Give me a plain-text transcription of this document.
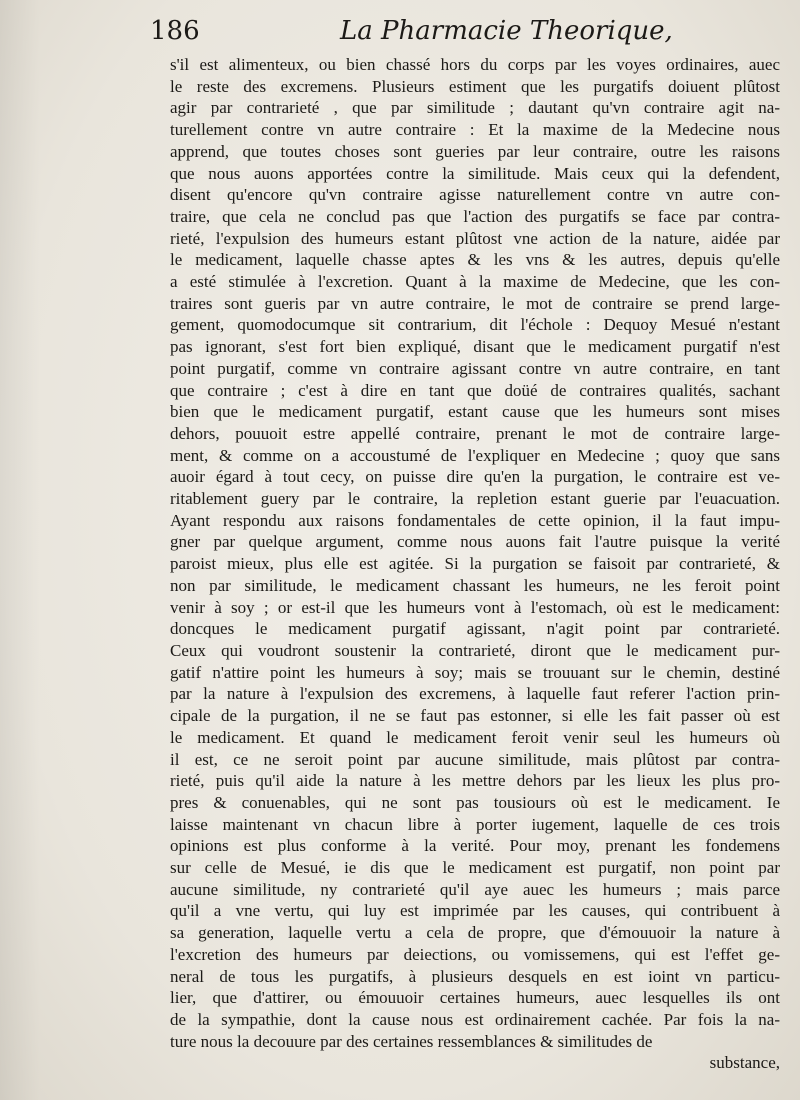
186	La Pharmacie Theorique,
s'il est alimenteux, ou bien chassé hors du corps par les voyes ordinaires, auec
le reste des excremens. Plusieurs estiment que les purgatifs doiuent plûtost
agir par contrarieté , que par similitude ; dautant qu'vn contraire agit na-
turellement contre vn autre contraire : Et la maxime de la Medecine nous
apprend, que toutes choses sont gueries par leur contraire, outre les raisons
que nous auons apportées contre la similitude. Mais ceux qui la defendent,
disent qu'encore qu'vn contraire agisse naturellement contre vn autre con-
traire, que cela ne conclud pas que l'action des purgatifs se face par contra-
rieté, l'expulsion des humeurs estant plûtost vne action de la nature, aidée par
le medicament, laquelle chasse aptes & les vns & les autres, depuis qu'elle
a esté stimulée à l'excretion. Quant à la maxime de Medecine, que les con-
traires sont gueris par vn autre contraire, le mot de contraire se prend large-
gement, quomodocumque sit contrarium, dit l'échole : Dequoy Mesué n'estant
pas ignorant, s'est fort bien expliqué, disant que le medicament purgatif n'est
point purgatif, comme vn contraire agissant contre vn autre contraire, en tant
que contraire ; c'est à dire en tant que doüé de contraires qualités, sachant
bien que le medicament purgatif, estant cause que les humeurs sont mises
dehors, pouuoit estre appellé contraire, prenant le mot de contraire large-
ment, & comme on a accoustumé de l'expliquer en Medecine ; quoy que sans
auoir égard à tout cecy, on puisse dire qu'en la purgation, le contraire est ve-
ritablement guery par le contraire, la repletion estant guerie par l'euacuation.
Ayant respondu aux raisons fondamentales de cette opinion, il la faut impu-
gner par quelque argument, comme nous auons fait l'autre puisque la verité
paroist mieux, plus elle est agitée. Si la purgation se faisoit par contrarieté, &
non par similitude, le medicament chassant les humeurs, ne les feroit point
venir à soy ; or est-il que les humeurs vont à l'estomach, où est le medicament:
doncques le medicament purgatif agissant, n'agit point par contrarieté.
Ceux qui voudront soustenir la contrarieté, diront que le medicament pur-
gatif n'attire point les humeurs à soy; mais se trouuant sur le chemin, destiné
par la nature à l'expulsion des excremens, à laquelle faut referer l'action prin-
cipale de la purgation, il ne se faut pas estonner, si elle les fait passer où est
le medicament. Et quand le medicament feroit venir seul les humeurs où
il est, ce ne seroit point par aucune similitude, mais plûtost par contra-
rieté, puis qu'il aide la nature à les mettre dehors par les lieux les plus pro-
pres & conuenables, qui ne sont pas tousiours où est le medicament. Ie
laisse maintenant vn chacun libre à porter iugement, laquelle de ces trois
opinions est plus conforme à la verité. Pour moy, prenant les fondemens
sur celle de Mesué, ie dis que le medicament est purgatif, non point par
aucune similitude, ny contrarieté qu'il aye auec les humeurs ; mais parce
qu'il a vne vertu, qui luy est imprimée par les causes, qui contribuent à
sa generation, laquelle vertu a cela de propre, que d'émouuoir la nature à
l'excretion des humeurs par deiections, ou vomissemens, qui est l'effet ge-
neral de tous les purgatifs, à plusieurs desquels en est ioint vn particu-
lier, que d'attirer, ou émouuoir certaines humeurs, auec lesquelles ils ont
de la sympathie, dont la cause nous est ordinairement cachée. Par fois la na-
ture nous la decouure par des certaines ressemblances & similitudes de
substance,
